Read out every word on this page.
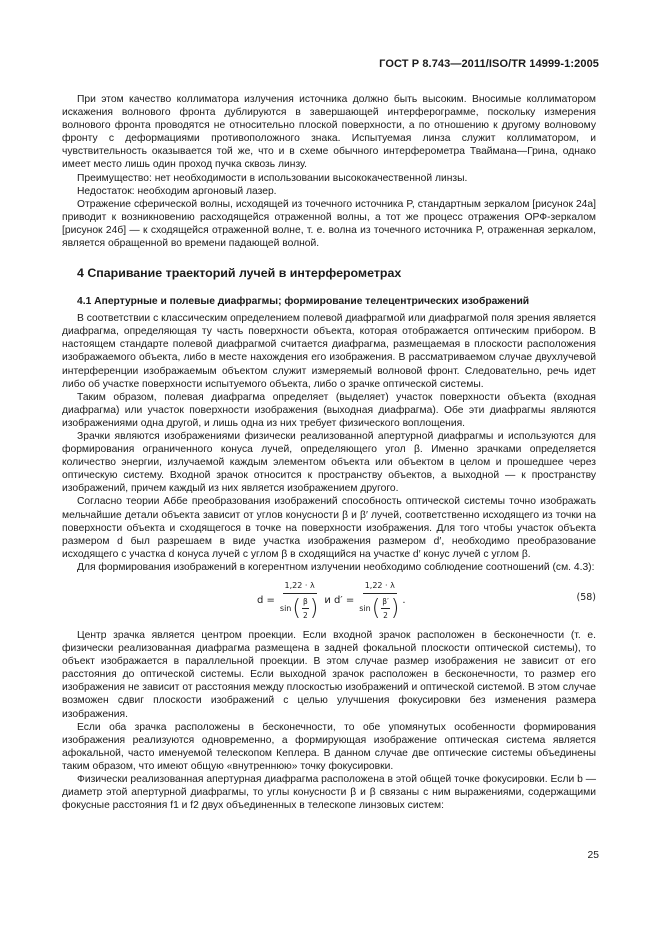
ГОСТ Р 8.743—2011/ISO/TR 14999-1:2005

При этом качество коллиматора излучения источника должно быть высоким. Вносимые коллиматором искажения волнового фронта дублируются в завершающей интерферограмме, поскольку измерения волнового фронта проводятся не относительно плоской поверхности, а по отношению к другому волновому фронту с деформациями противоположного знака. Испытуемая линза служит коллиматором, и чувствительность оказывается той же, что и в схеме обычного интерферометра Тваймана—Грина, однако имеет место лишь один проход пучка сквозь линзу.

Преимущество: нет необходимости в использовании высококачественной линзы.

Недостаток: необходим аргоновый лазер.

Отражение сферической волны, исходящей из точечного источника P, стандартным зеркалом [рисунок 24а] приводит к возникновению расходящейся отраженной волны, а тот же процесс отражения ОРФ-зеркалом [рисунок 24б] — к сходящейся отраженной волне, т. е. волна из точечного источника P, отраженная зеркалом, является обращенной во времени падающей волной.

4 Спаривание траекторий лучей в интерферометрах

4.1 Апертурные и полевые диафрагмы; формирование телецентрических изображений

В соответствии с классическим определением полевой диафрагмой или диафрагмой поля зрения является диафрагма, определяющая ту часть поверхности объекта, которая отображается оптическим прибором. В настоящем стандарте полевой диафрагмой считается диафрагма, размещаемая в плоскости расположения изображаемого объекта, либо в месте нахождения его изображения. В рассматриваемом случае двухлучевой интерференции изображаемым объектом служит измеряемый волновой фронт. Следовательно, речь идет либо об участке поверхности испытуемого объекта, либо о зрачке оптической системы.

Таким образом, полевая диафрагма определяет (выделяет) участок поверхности объекта (входная диафрагма) или участок поверхности изображения (выходная диафрагма). Обе эти диафрагмы являются изображениями одна другой, и лишь одна из них требует физического воплощения.

Зрачки являются изображениями физически реализованной апертурной диафрагмы и используются для формирования ограниченного конуса лучей, определяющего угол β. Именно зрачками определяется количество энергии, излучаемой каждым элементом объекта или объектом в целом и прошедшее через оптическую систему. Входной зрачок относится к пространству объектов, а выходной — к пространству изображений, причем каждый из них является изображением другого.

Согласно теории Аббе преобразования изображений способность оптической системы точно изображать мельчайшие детали объекта зависит от углов конусности β и β′ лучей, соответственно исходящего из точки на поверхности объекта и сходящегося в точке на поверхности изображения. Для того чтобы участок объекта размером d был разрешаем в виде участка изображения размером d′, необходимо преобразование исходящего с участка d конуса лучей с углом β в сходящийся на участке d′ конус лучей с углом β.

Для формирования изображений в когерентном излучении необходимо соблюдение соотношений (см. 4.3):

d =
1,22 · λ
sin ( $\frac{\beta}{2}$ ) и d′ =
1,22 · λ
sin ( $\frac{\beta'}{2}$ ) .	(58)

Центр зрачка является центром проекции. Если входной зрачок расположен в бесконечности (т. е. физически реализованная диафрагма размещена в задней фокальной плоскости оптической системы), то объект изображается в параллельной проекции. В этом случае размер изображения не зависит от его расстояния до оптической системы. Если выходной зрачок расположен в бесконечности, то размер его изображения не зависит от расстояния между плоскостью изображений и оптической системой. В этом случае возможен сдвиг плоскости изображений с целью улучшения фокусировки без изменения размера изображения.

Если оба зрачка расположены в бесконечности, то обе упомянутых особенности формирования изображения реализуются одновременно, а формирующая изображение оптическая система является афокальной, часто именуемой телескопом Кеплера. В данном случае две оптические системы объединены таким образом, что имеют общую «внутреннюю» точку фокусировки.

Физически реализованная апертурная диафрагма расположена в этой общей точке фокусировки. Если b — диаметр этой апертурной диафрагмы, то углы конусности β и β связаны с ним выражениями, содержащими фокусные расстояния f1 и f2 двух объединенных в телескопе линзовых систем:

25
